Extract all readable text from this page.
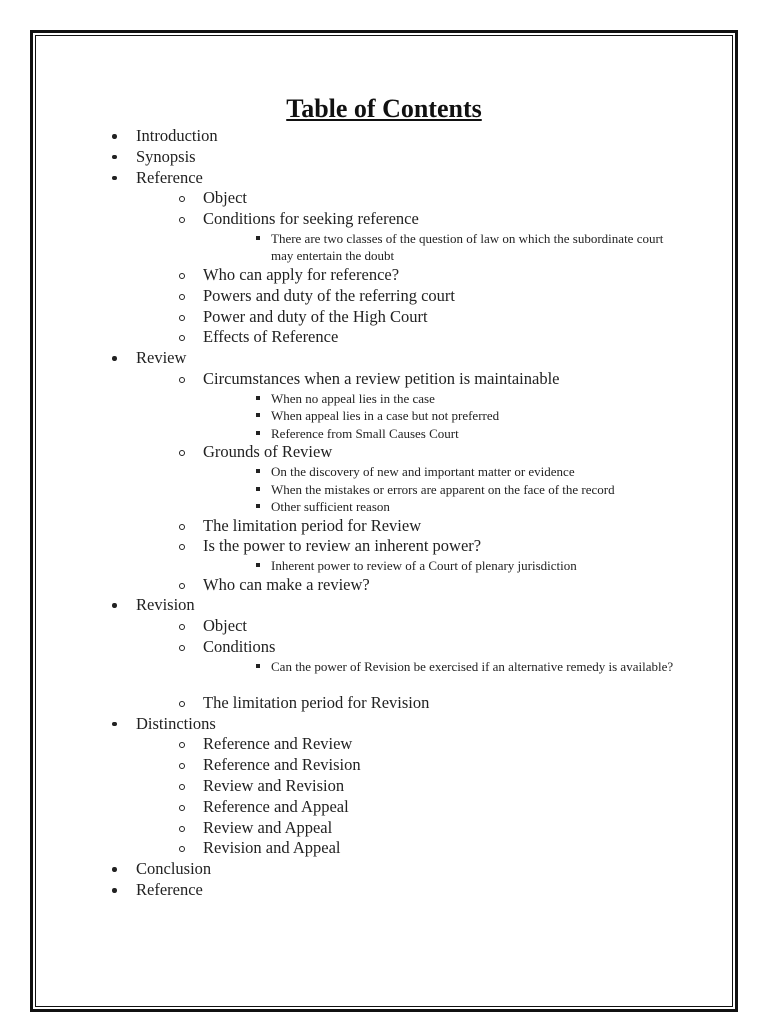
Table of Contents
Introduction
Synopsis
Reference
Object
Conditions for seeking reference
There are two classes of the question of law on which the subordinate court may entertain the doubt
Who can apply for reference?
Powers and duty of the referring court
Power and duty of the High Court
Effects of Reference
Review
Circumstances when a review petition is maintainable
When no appeal lies in the case
When appeal lies in a case but not preferred
Reference from Small Causes Court
Grounds of Review
On the discovery of new and important matter or evidence
When the mistakes or errors are apparent on the face of the record
Other sufficient reason
The limitation period for Review
Is the power to review an inherent power?
Inherent power to review of a Court of plenary jurisdiction
Who can make a review?
Revision
Object
Conditions
Can the power of Revision be exercised if an alternative remedy is available?
The limitation period for Revision
Distinctions
Reference and Review
Reference and Revision
Review and Revision
Reference and Appeal
Review and Appeal
Revision and Appeal
Conclusion
Reference
